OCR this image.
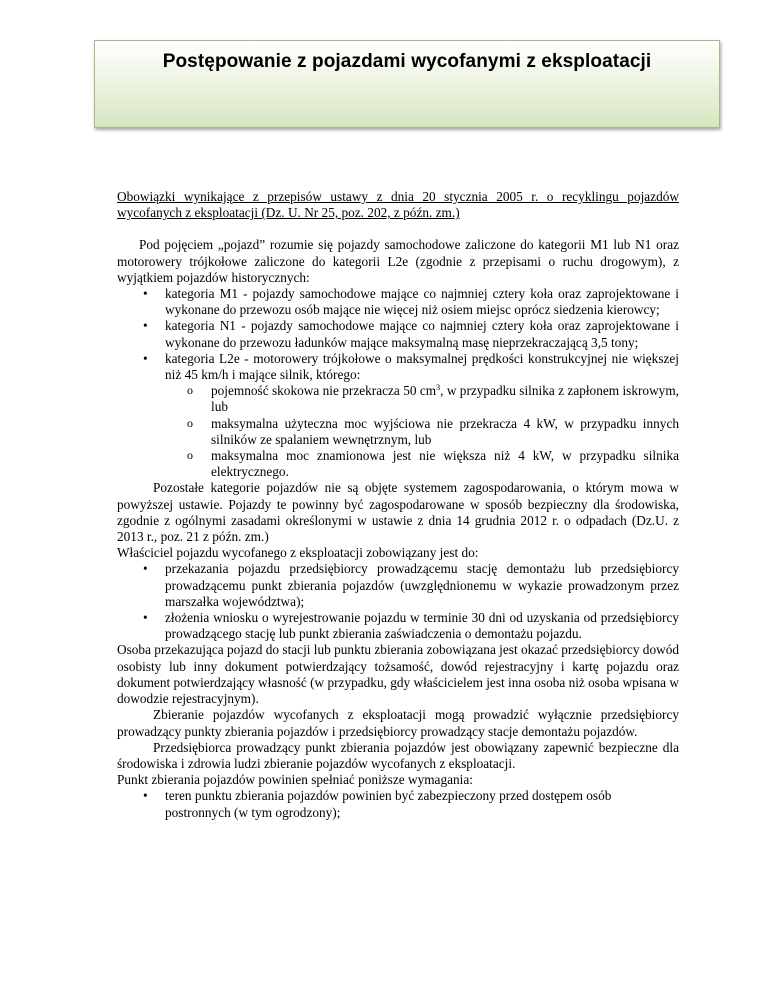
Postępowanie z pojazdami wycofanymi z eksploatacji

Obowiązki wynikające z przepisów ustawy z dnia 20 stycznia 2005 r. o recyklingu pojazdów wycofanych z eksploatacji (Dz. U. Nr 25, poz. 202, z późn. zm.)

Pod pojęciem „pojazd” rozumie się pojazdy samochodowe zaliczone do kategorii M1 lub N1 oraz motorowery trójkołowe zaliczone do kategorii L2e (zgodnie z przepisami o ruchu drogowym), z wyjątkiem pojazdów historycznych:

• kategoria M1 - pojazdy samochodowe mające co najmniej cztery koła oraz zaprojektowane i wykonane do przewozu osób mające nie więcej niż osiem miejsc oprócz siedzenia kierowcy;
• kategoria N1 - pojazdy samochodowe mające co najmniej cztery koła oraz zaprojektowane i wykonane do przewozu ładunków mające maksymalną masę nieprzekraczającą 3,5 tony;
• kategoria L2e - motorowery trójkołowe o maksymalnej prędkości konstrukcyjnej nie większej niż 45 km/h i mające silnik, którego:
o pojemność skokowa nie przekracza 50 $cm^3$, w przypadku silnika z zapłonem iskrowym, lub
o maksymalna użyteczna moc wyjściowa nie przekracza 4 kW, w przypadku innych silników ze spalaniem wewnętrznym, lub
o maksymalna moc znamionowa jest nie większa niż 4 kW, w przypadku silnika elektrycznego.

Pozostałe kategorie pojazdów nie są objęte systemem zagospodarowania, o którym mowa w powyższej ustawie. Pojazdy te powinny być zagospodarowane w sposób bezpieczny dla środowiska, zgodnie z ogólnymi zasadami określonymi w ustawie z dnia 14 grudnia 2012 r. o odpadach (Dz.U. z 2013 r., poz. 21 z późn. zm.)

Właściciel pojazdu wycofanego z eksploatacji zobowiązany jest do:

• przekazania pojazdu przedsiębiorcy prowadzącemu stację demontażu lub przedsiębiorcy prowadzącemu punkt zbierania pojazdów (uwzględnionemu w wykazie prowadzonym przez marszałka województwa);
• złożenia wniosku o wyrejestrowanie pojazdu w terminie 30 dni od uzyskania od przedsiębiorcy prowadzącego stację lub punkt zbierania zaświadczenia o demontażu pojazdu.

Osoba przekazująca pojazd do stacji lub punktu zbierania zobowiązana jest okazać przedsiębiorcy dowód osobisty lub inny dokument potwierdzający tożsamość, dowód rejestracyjny i kartę pojazdu oraz dokument potwierdzający własność (w przypadku, gdy właścicielem jest inna osoba niż osoba wpisana w dowodzie rejestracyjnym).

Zbieranie pojazdów wycofanych z eksploatacji mogą prowadzić wyłącznie przedsiębiorcy prowadzący punkty zbierania pojazdów i przedsiębiorcy prowadzący stacje demontażu pojazdów.

Przedsiębiorca prowadzący punkt zbierania pojazdów jest obowiązany zapewnić bezpieczne dla środowiska i zdrowia ludzi zbieranie pojazdów wycofanych z eksploatacji.

Punkt zbierania pojazdów powinien spełniać poniższe wymagania:

• teren punktu zbierania pojazdów powinien być zabezpieczony przed dostępem osób
postronnych (w tym ogrodzony);
